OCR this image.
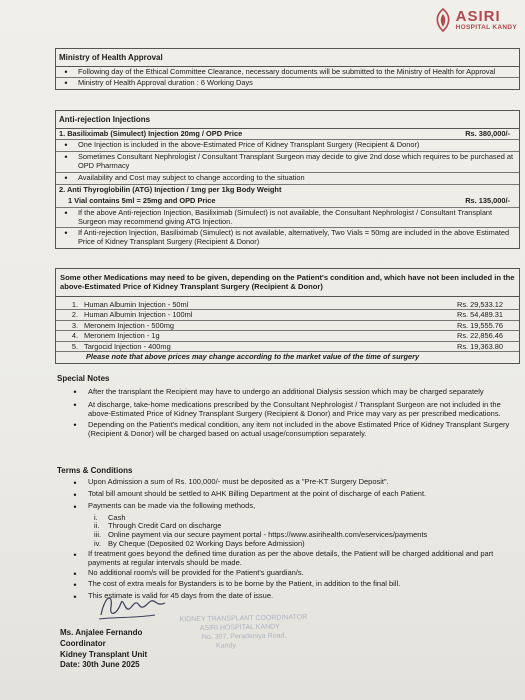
ASIRI
HOSPITAL KANDY
Ministry of Health Approval
•
Following day of the Ethical Committee Clearance, necessary documents will be submitted to the Ministry of Health for Approval
•
Ministry of Health Approval duration : 6 Working Days
Anti-rejection Injections
1. Basiliximab (Simulect) Injection 20mg / OPD Price	Rs. 380,000/-
•
One Injection is included in the above-Estimated Price of Kidney Transplant Surgery (Recipient & Donor)
•
Sometimes Consultant Nephrologist / Consultant Transplant Surgeon may decide to give 2nd dose which requires to be purchased at OPD Pharmacy
•
Availability and Cost may subject to change according to the situation
2. Anti Thyroglobilin (ATG) Injection / 1mg per 1kg Body Weight
1 Vial contains 5ml = 25mg and OPD Price	Rs. 135,000/-
•
If the above Anti-rejection Injection, Basiliximab (Simulect) is not available, the Consultant Nephrologist / Consultant Transplant Surgeon may recommend giving ATG Injection.
•
If Anti-rejection Injection, Basiliximab (Simulect) is not available, alternatively, Two Vials = 50mg are included in the above Estimated Price of Kidney Transplant Surgery (Recipient & Donor)
Some other Medications may need to be given, depending on the Patient's condition and, which have not been included in the above-Estimated Price of Kidney Transplant Surgery (Recipient & Donor)
1. Human Albumin Injection - 50ml	Rs. 29,533.12
2. Human Albumin Injection - 100ml	Rs. 54,489.31
3. Meronem Injection - 500mg	Rs. 19,555.76
4. Meronem Injection - 1g	Rs. 22,856.46
5. Targocid Injection - 400mg	Rs. 19,363.80
Please note that above prices may change according to the market value of the time of surgery
Special Notes
•
After the transplant the Recipient may have to undergo an additional Dialysis session which may be charged separately
•
At discharge, take-home medications prescribed by the Consultant Nephrologist / Transplant Surgeon are not included in the above-Estimated Price of Kidney Transplant Surgery (Recipient & Donor) and Price may vary as per prescribed medications.
•
Depending on the Patient's medical condition, any item not included in the above Estimated Price of Kidney Transplant Surgery (Recipient & Donor) will be charged based on actual usage/consumption separately.
Terms & Conditions
•
Upon Admission a sum of Rs. 100,000/- must be deposited as a "Pre-KT Surgery Deposit".
•
Total bill amount should be settled to AHK Billing Department at the point of discharge of each Patient.
•
Payments can be made via the following methods,
i.	Cash
ii.	Through Credit Card on discharge
iii. Online payment via our secure payment portal - https://www.asirihealth.com/eservices/payments
iv. By Cheque (Deposited 02 Working Days before Admission)
•
If treatment goes beyond the defined time duration as per the above details, the Patient will be charged additional and part payments at regular intervals should be made.
•
No additional room/s will be provided for the Patient's guardian/s.
•
The cost of extra meals for Bystanders is to be borne by the Patient, in addition to the final bill.
•
This estimate is valid for 45 days from the date of issue.
KIDNEY TRANSPLANT COORDINATOR
ASIRI HOSPITAL KANDY
No. 307, Peradeniya Road,
Kandy.
Ms. Anjalee Fernando
Coordinator
Kidney Transplant Unit
Date: 30th June 2025
